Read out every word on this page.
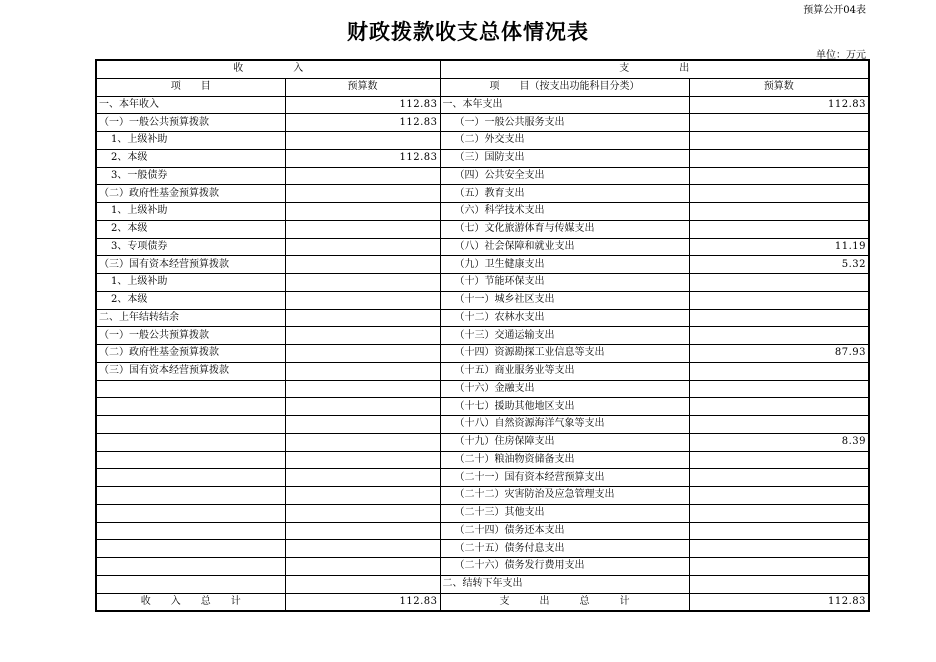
预算公开04表
财政拨款收支总体情况表
单位：万元
收　　　　　入		支　　　　　出	
项　　目	预算数	项　　目（按支出功能科目分类）	预算数
一、本年收入	112.83	一、本年支出	112.83
（一）一般公共预算拨款	112.83	（一）一般公共服务支出	
1、上级补助		（二）外交支出	
2、本级	112.83	（三）国防支出	
3、一般债券		（四）公共安全支出	
（二）政府性基金预算拨款		（五）教育支出	
1、上级补助		（六）科学技术支出	
2、本级		（七）文化旅游体育与传媒支出	
3、专项债券		（八）社会保障和就业支出	11.19
（三）国有资本经营预算拨款		（九）卫生健康支出	5.32
1、上级补助		（十）节能环保支出	
2、本级		（十一）城乡社区支出	
二、上年结转结余		（十二）农林水支出	
（一）一般公共预算拨款		（十三）交通运输支出	
（二）政府性基金预算拨款		（十四）资源勘探工业信息等支出	87.93
（三）国有资本经营预算拨款		（十五）商业服务业等支出	
		（十六）金融支出	
		（十七）援助其他地区支出	
		（十八）自然资源海洋气象等支出	
		（十九）住房保障支出	8.39
		（二十）粮油物资储备支出	
		（二十一）国有资本经营预算支出	
		（二十二）灾害防治及应急管理支出	
		（二十三）其他支出	
		（二十四）债务还本支出	
		（二十五）债务付息支出	
		（二十六）债务发行费用支出	
		二、结转下年支出	
收　　入　　总　　计	112.83	支　　　出　　　总　　　计	112.83
